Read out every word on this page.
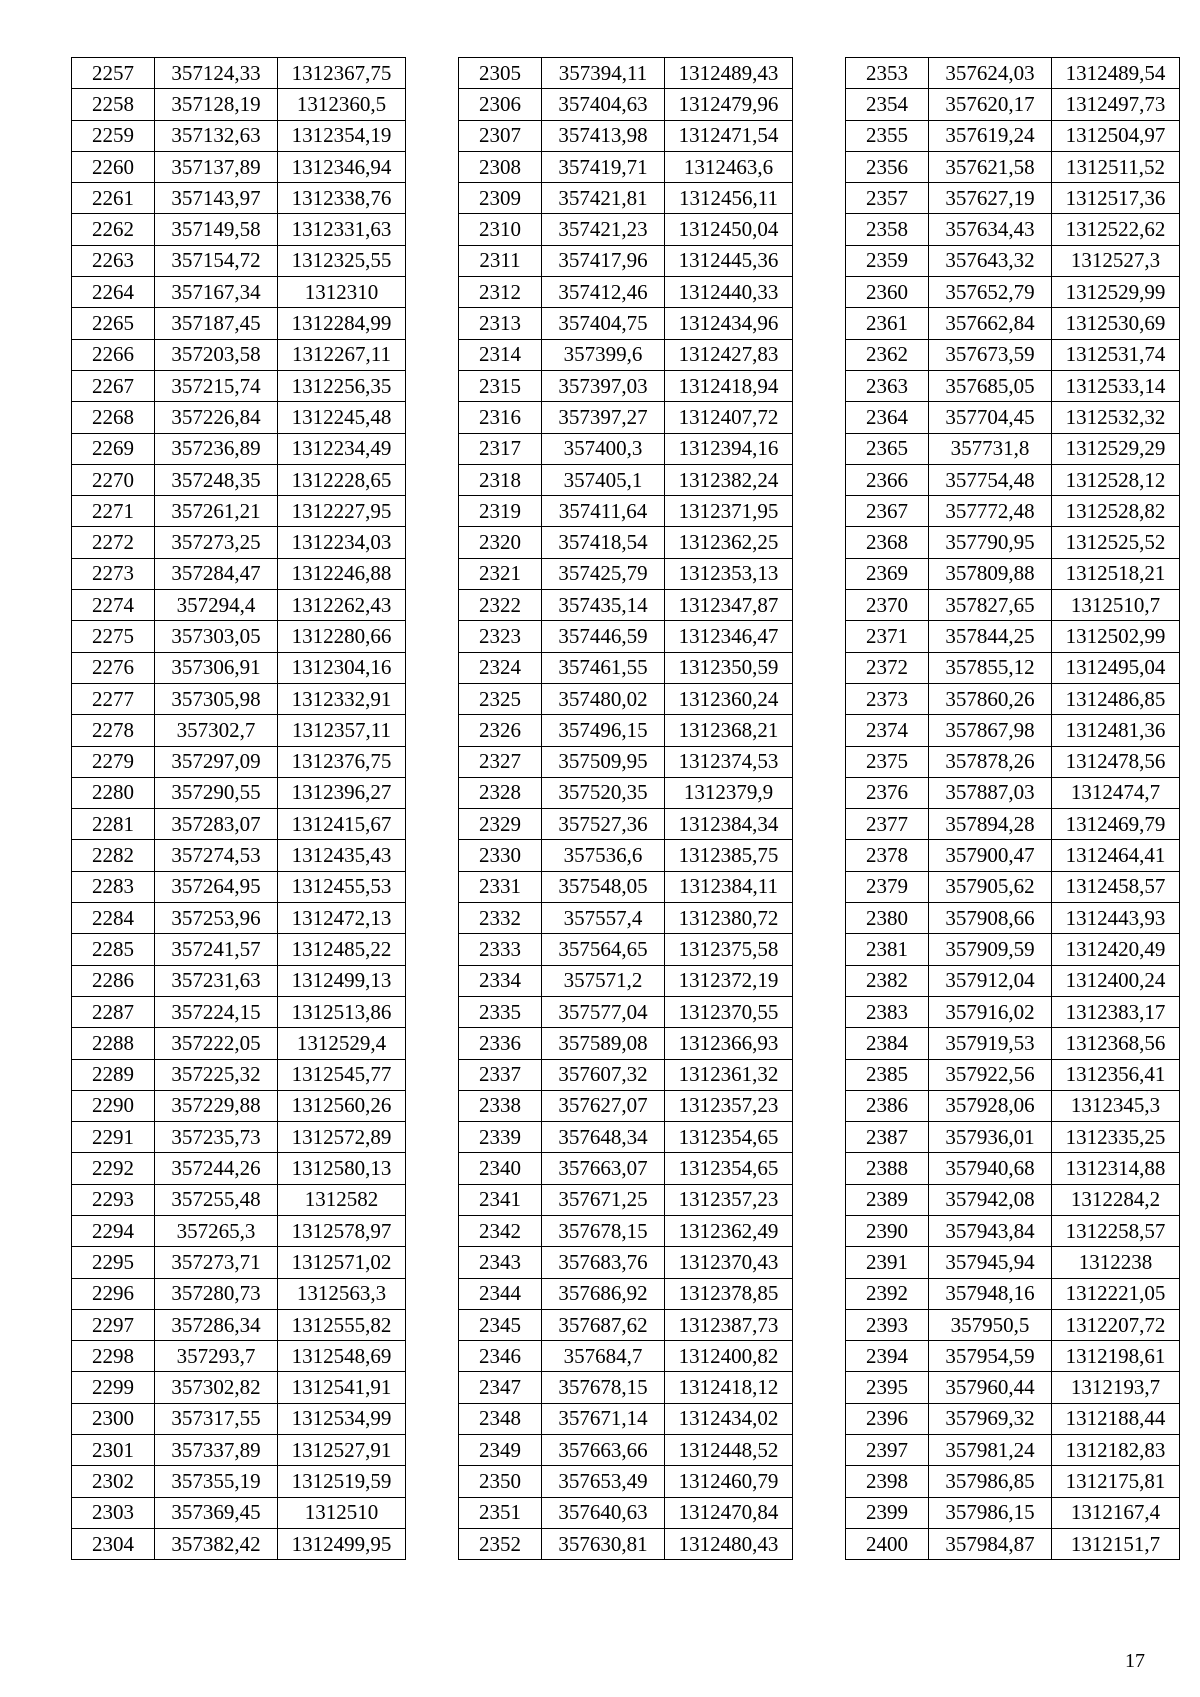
2257	357124,33	1312367,75
2258	357128,19	1312360,5
2259	357132,63	1312354,19
2260	357137,89	1312346,94
2261	357143,97	1312338,76
2262	357149,58	1312331,63
2263	357154,72	1312325,55
2264	357167,34	1312310
2265	357187,45	1312284,99
2266	357203,58	1312267,11
2267	357215,74	1312256,35
2268	357226,84	1312245,48
2269	357236,89	1312234,49
2270	357248,35	1312228,65
2271	357261,21	1312227,95
2272	357273,25	1312234,03
2273	357284,47	1312246,88
2274	357294,4	1312262,43
2275	357303,05	1312280,66
2276	357306,91	1312304,16
2277	357305,98	1312332,91
2278	357302,7	1312357,11
2279	357297,09	1312376,75
2280	357290,55	1312396,27
2281	357283,07	1312415,67
2282	357274,53	1312435,43
2283	357264,95	1312455,53
2284	357253,96	1312472,13
2285	357241,57	1312485,22
2286	357231,63	1312499,13
2287	357224,15	1312513,86
2288	357222,05	1312529,4
2289	357225,32	1312545,77
2290	357229,88	1312560,26
2291	357235,73	1312572,89
2292	357244,26	1312580,13
2293	357255,48	1312582
2294	357265,3	1312578,97
2295	357273,71	1312571,02
2296	357280,73	1312563,3
2297	357286,34	1312555,82
2298	357293,7	1312548,69
2299	357302,82	1312541,91
2300	357317,55	1312534,99
2301	357337,89	1312527,91
2302	357355,19	1312519,59
2303	357369,45	1312510
2304	357382,42	1312499,95
2305	357394,11	1312489,43
2306	357404,63	1312479,96
2307	357413,98	1312471,54
2308	357419,71	1312463,6
2309	357421,81	1312456,11
2310	357421,23	1312450,04
2311	357417,96	1312445,36
2312	357412,46	1312440,33
2313	357404,75	1312434,96
2314	357399,6	1312427,83
2315	357397,03	1312418,94
2316	357397,27	1312407,72
2317	357400,3	1312394,16
2318	357405,1	1312382,24
2319	357411,64	1312371,95
2320	357418,54	1312362,25
2321	357425,79	1312353,13
2322	357435,14	1312347,87
2323	357446,59	1312346,47
2324	357461,55	1312350,59
2325	357480,02	1312360,24
2326	357496,15	1312368,21
2327	357509,95	1312374,53
2328	357520,35	1312379,9
2329	357527,36	1312384,34
2330	357536,6	1312385,75
2331	357548,05	1312384,11
2332	357557,4	1312380,72
2333	357564,65	1312375,58
2334	357571,2	1312372,19
2335	357577,04	1312370,55
2336	357589,08	1312366,93
2337	357607,32	1312361,32
2338	357627,07	1312357,23
2339	357648,34	1312354,65
2340	357663,07	1312354,65
2341	357671,25	1312357,23
2342	357678,15	1312362,49
2343	357683,76	1312370,43
2344	357686,92	1312378,85
2345	357687,62	1312387,73
2346	357684,7	1312400,82
2347	357678,15	1312418,12
2348	357671,14	1312434,02
2349	357663,66	1312448,52
2350	357653,49	1312460,79
2351	357640,63	1312470,84
2352	357630,81	1312480,43
2353	357624,03	1312489,54
2354	357620,17	1312497,73
2355	357619,24	1312504,97
2356	357621,58	1312511,52
2357	357627,19	1312517,36
2358	357634,43	1312522,62
2359	357643,32	1312527,3
2360	357652,79	1312529,99
2361	357662,84	1312530,69
2362	357673,59	1312531,74
2363	357685,05	1312533,14
2364	357704,45	1312532,32
2365	357731,8	1312529,29
2366	357754,48	1312528,12
2367	357772,48	1312528,82
2368	357790,95	1312525,52
2369	357809,88	1312518,21
2370	357827,65	1312510,7
2371	357844,25	1312502,99
2372	357855,12	1312495,04
2373	357860,26	1312486,85
2374	357867,98	1312481,36
2375	357878,26	1312478,56
2376	357887,03	1312474,7
2377	357894,28	1312469,79
2378	357900,47	1312464,41
2379	357905,62	1312458,57
2380	357908,66	1312443,93
2381	357909,59	1312420,49
2382	357912,04	1312400,24
2383	357916,02	1312383,17
2384	357919,53	1312368,56
2385	357922,56	1312356,41
2386	357928,06	1312345,3
2387	357936,01	1312335,25
2388	357940,68	1312314,88
2389	357942,08	1312284,2
2390	357943,84	1312258,57
2391	357945,94	1312238
2392	357948,16	1312221,05
2393	357950,5	1312207,72
2394	357954,59	1312198,61
2395	357960,44	1312193,7
2396	357969,32	1312188,44
2397	357981,24	1312182,83
2398	357986,85	1312175,81
2399	357986,15	1312167,4
2400	357984,87	1312151,7
17
